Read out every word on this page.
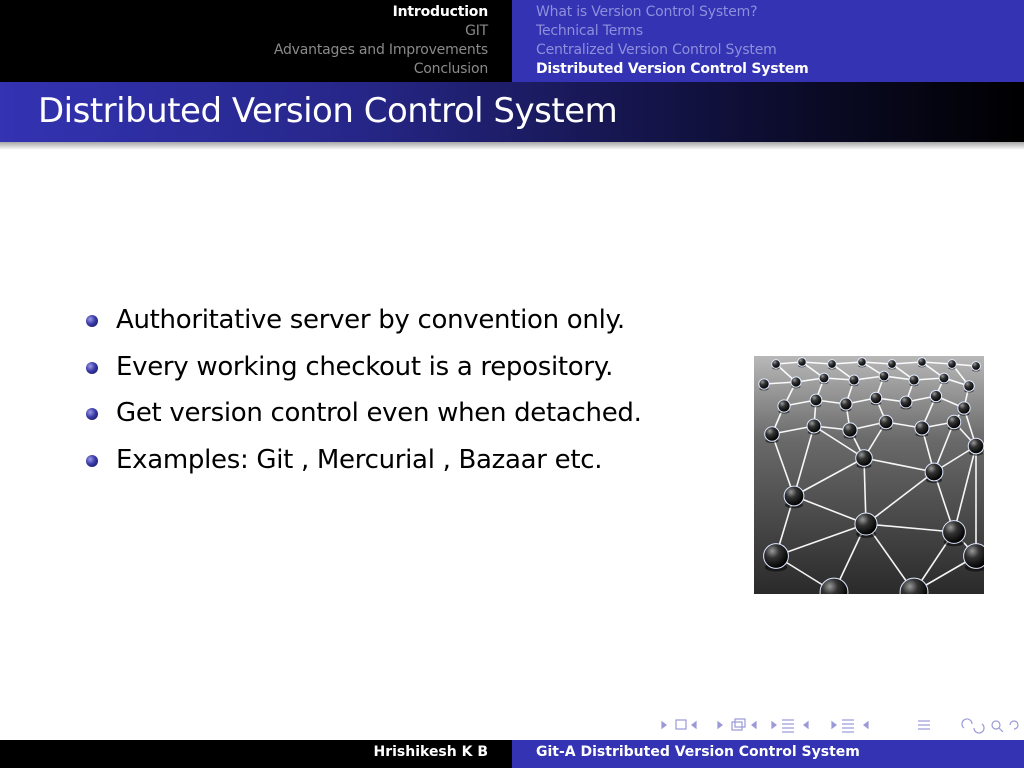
Introduction
GIT
Advantages and Improvements
Conclusion
What is Version Control System?
Technical Terms
Centralized Version Control System
Distributed Version Control System
Distributed Version Control System
Authoritative server by convention only.
Every working checkout is a repository.
Get version control even when detached.
Examples: Git , Mercurial , Bazaar etc.
Hrishikesh K B	Git-A Distributed Version Control System
